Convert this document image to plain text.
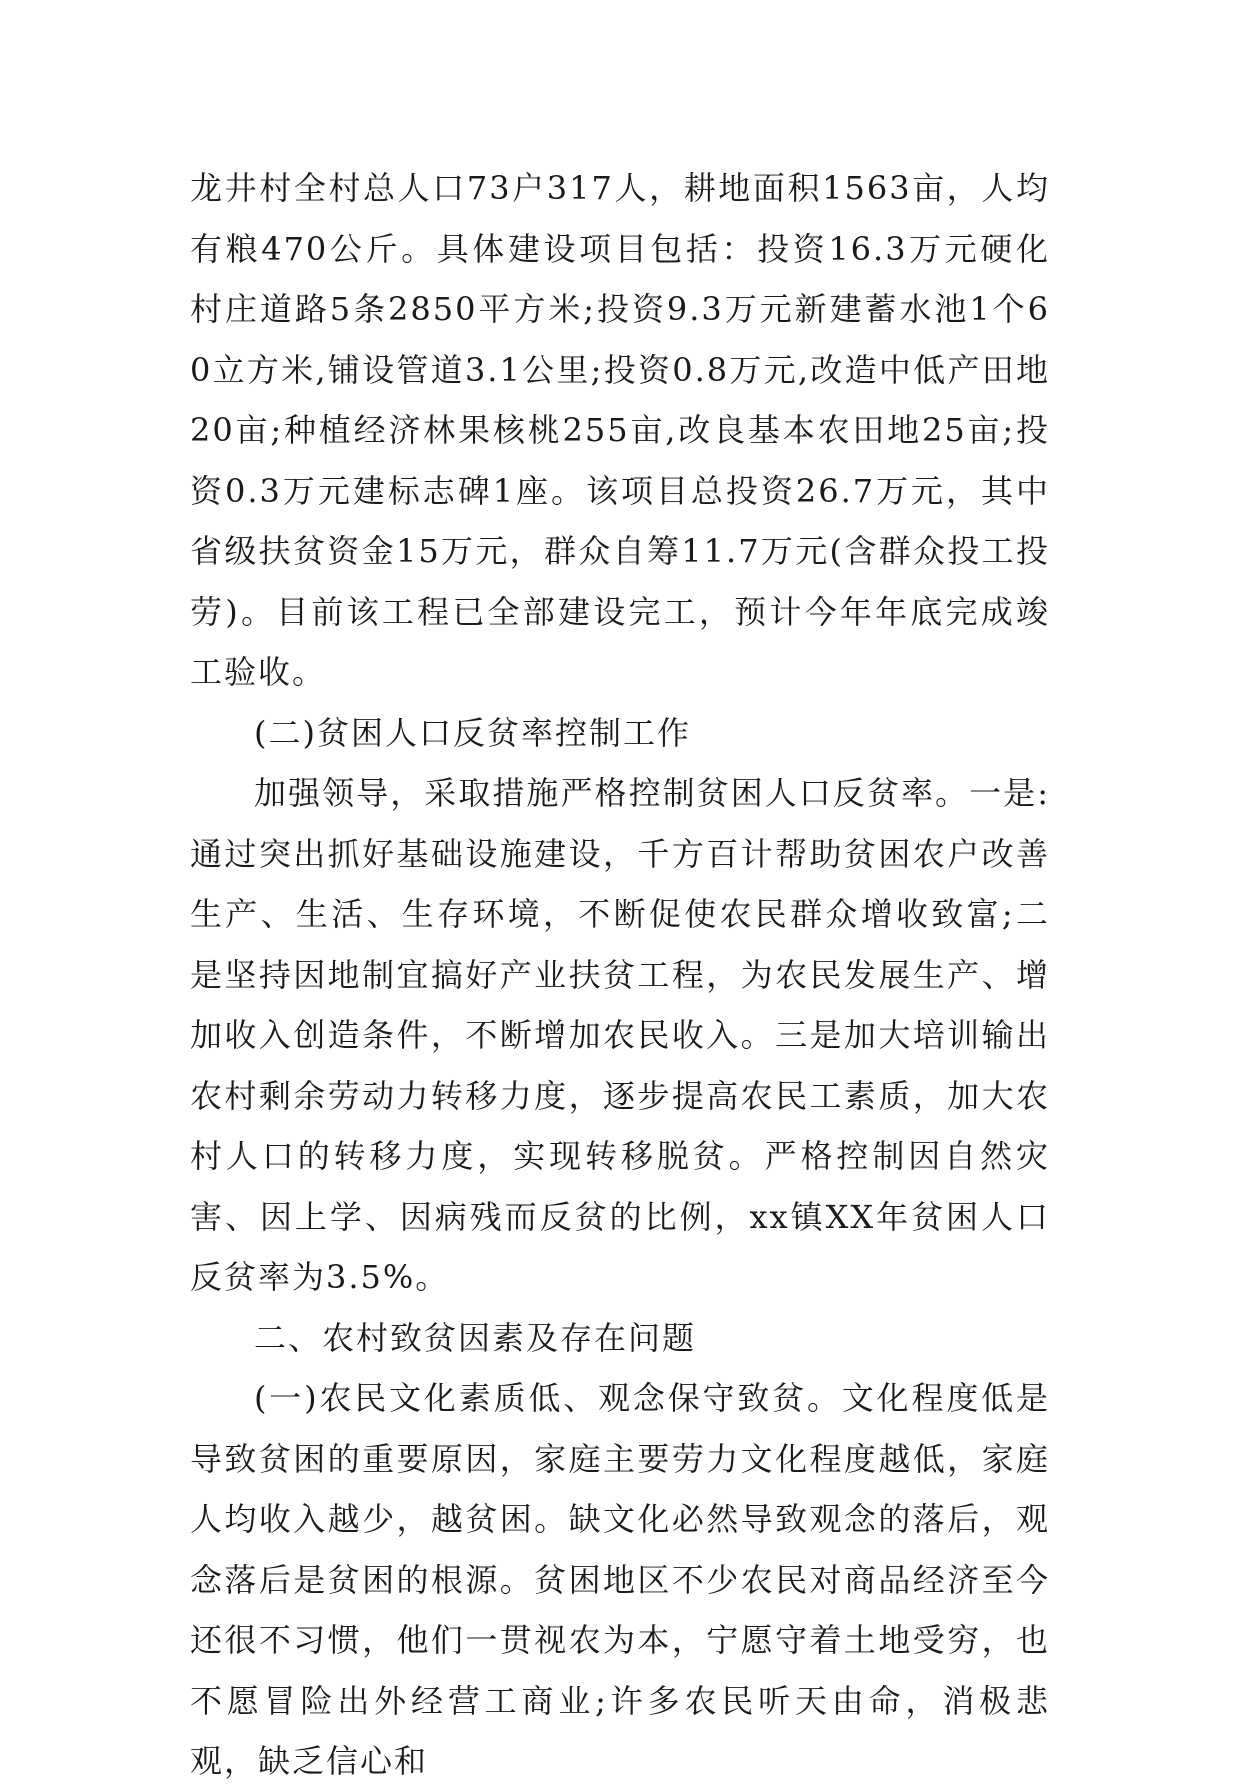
龙井村全村总人口73户317人，耕地面积1563亩，人均有粮470公斤。具体建设项目包括：投资16.3万元硬化村庄道路5条2850平方米;投资9.3万元新建蓄水池1个60立方米,铺设管道3.1公里;投资0.8万元,改造中低产田地20亩;种植经济林果核桃255亩,改良基本农田地25亩;投资0.3万元建标志碑1座。该项目总投资26.7万元，其中省级扶贫资金15万元，群众自筹11.7万元(含群众投工投劳)。目前该工程已全部建设完工，预计今年年底完成竣工验收。

(二)贫困人口反贫率控制工作

加强领导，采取措施严格控制贫困人口反贫率。一是:通过突出抓好基础设施建设，千方百计帮助贫困农户改善生产、生活、生存环境，不断促使农民群众增收致富;二是坚持因地制宜搞好产业扶贫工程，为农民发展生产、增加收入创造条件，不断增加农民收入。三是加大培训输出农村剩余劳动力转移力度，逐步提高农民工素质，加大农村人口的转移力度，实现转移脱贫。严格控制因自然灾害、因上学、因病残而反贫的比例，xx镇XX年贫困人口反贫率为3.5%。

二、农村致贫因素及存在问题

(一)农民文化素质低、观念保守致贫。文化程度低是导致贫困的重要原因，家庭主要劳力文化程度越低，家庭人均收入越少，越贫困。缺文化必然导致观念的落后，观念落后是贫困的根源。贫困地区不少农民对商品经济至今还很不习惯，他们一贯视农为本，宁愿守着土地受穷，也不愿冒险出外经营工商业;许多农民听天由命，消极悲观，缺乏信心和
